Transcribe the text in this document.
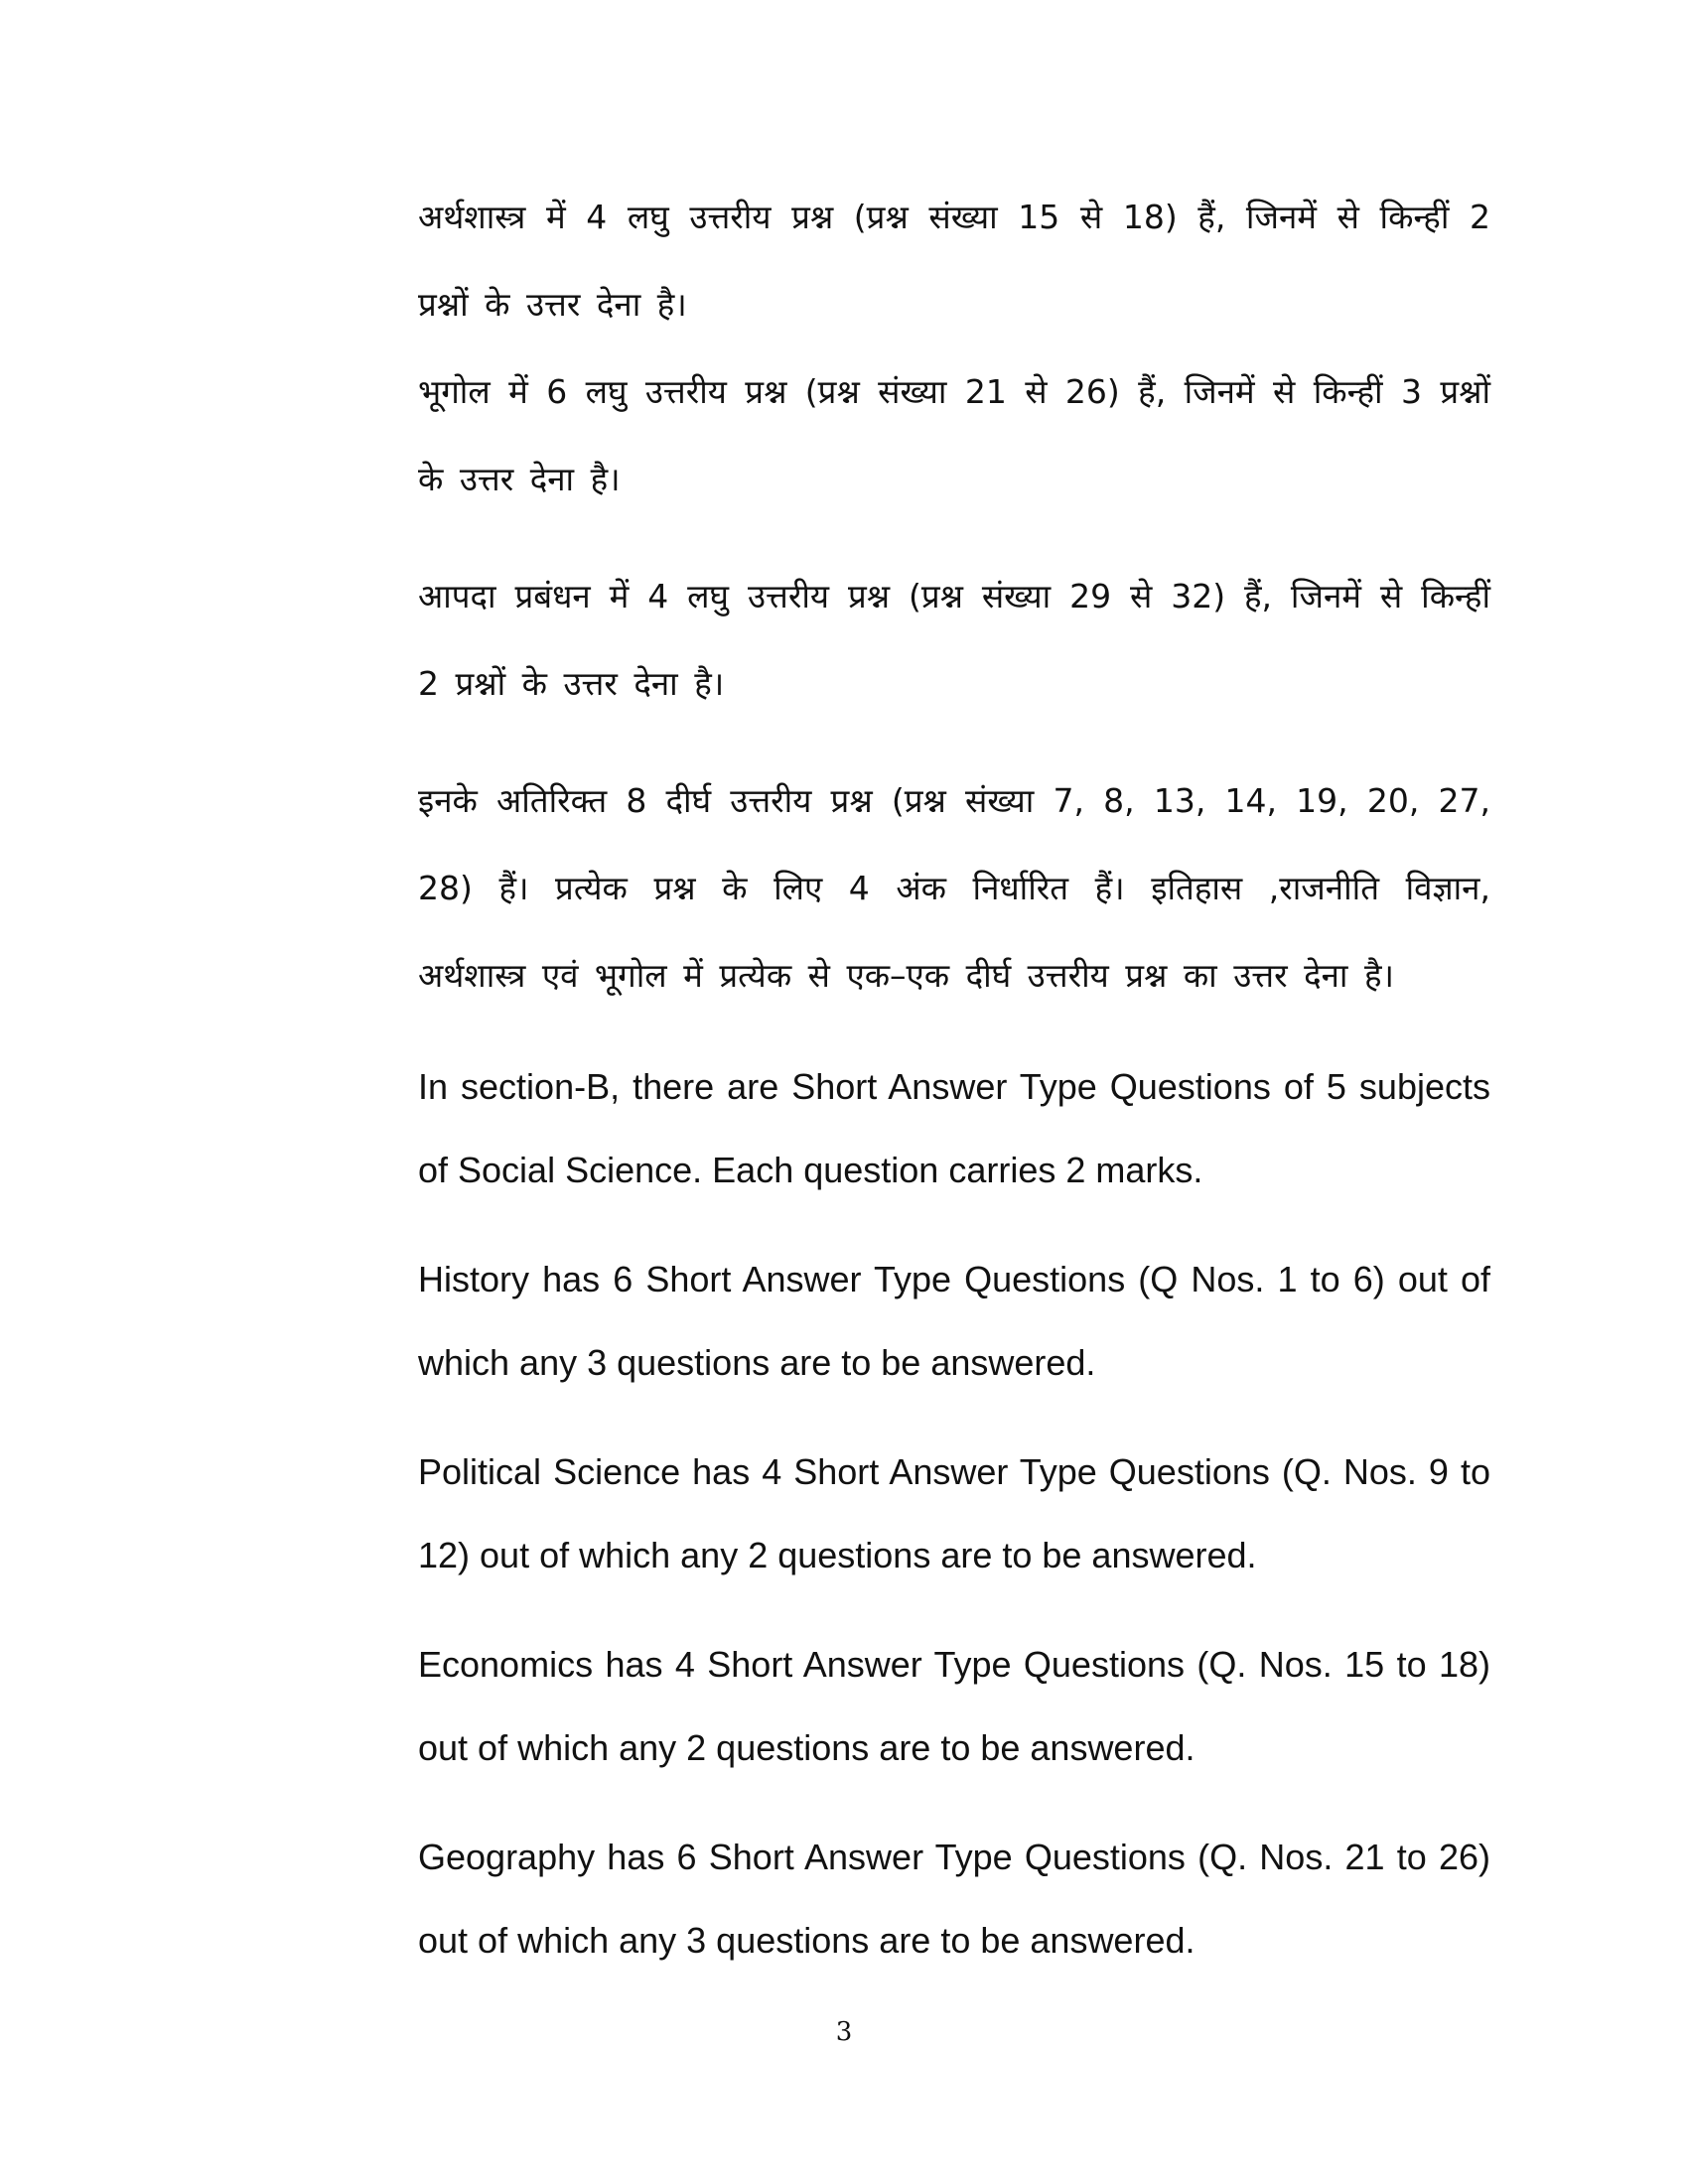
अर्थशास्त्र में 4 लघु उत्तरीय प्रश्न (प्रश्न संख्या 15 से 18) हैं, जिनमें से किन्हीं 2 प्रश्नों के उत्तर देना है।

भूगोल में 6 लघु उत्तरीय प्रश्न (प्रश्न संख्या 21 से 26) हैं, जिनमें से किन्हीं 3 प्रश्नों के उत्तर देना है।

आपदा प्रबंधन में 4 लघु उत्तरीय प्रश्न (प्रश्न संख्या 29 से 32) हैं, जिनमें से किन्हीं 2 प्रश्नों के उत्तर देना है।

इनके अतिरिक्त 8 दीर्घ उत्तरीय प्रश्न (प्रश्न संख्या 7, 8, 13, 14, 19, 20, 27, 28) हैं। प्रत्येक प्रश्न के लिए 4 अंक निर्धारित हैं। इतिहास ,राजनीति विज्ञान, अर्थशास्त्र एवं भूगोल में प्रत्येक से एक–एक दीर्घ उत्तरीय प्रश्न का उत्तर देना है।

In section-B, there are Short Answer Type Questions of 5 subjects of Social Science. Each question carries 2 marks.

History has 6 Short Answer Type Questions (Q Nos. 1 to 6) out of which any 3 questions are to be answered.

Political Science has 4 Short Answer Type Questions (Q. Nos. 9 to 12) out of which any 2 questions are to be answered.

Economics has 4 Short Answer Type Questions (Q. Nos. 15 to 18) out of which any 2 questions are to be answered.

Geography has 6 Short Answer Type Questions (Q. Nos. 21 to 26) out of which any 3 questions are to be answered.

3
